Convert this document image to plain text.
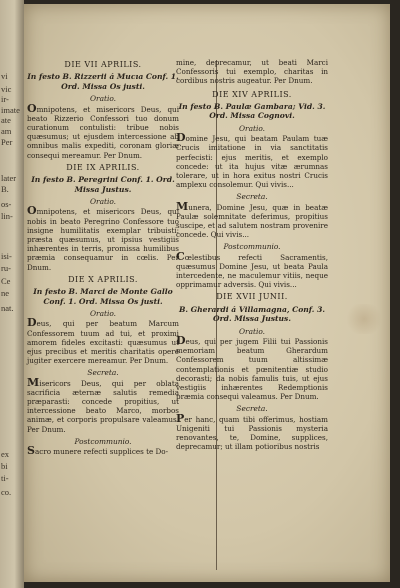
vi
vic
ir-
imate
ate
am
Per
later
B.
os-
lin-
isi-
ru-
Ce
ne
nat.
ex
bi
ti-
co.
DIE VII APRILIS.
In festo B. Rizzerii á Mucıa Conf. 1. Ord. Missa Os justi.
Oratio.
Omnipotens, et misericors Deus, qui beato Rizzerio Confessori tuo donum curationum contulisti: tribue nobis quæsumus; ut ejusdem intercessione ab omnibus malis expediti, coronam gloriæ consequi mereamur. Per Dnum.
DIE IX APRILIS.
In festo B. Peregrini Conf. 1. Ord. Missa Justus.
Oratio.
Omnipotens, et misericors Deus, qui nobis in beato Peregrino Confessore tuo insigne humilitatis exemplar tribuisti: præsta quæsumus, ut ipsius vestigiis inhærentes in terris, promissa humilibus præmia consequamur in cœlis. Per Dnum.
DIE X APRILIS.
In festo B. Marci de Monte Gallo Conf. 1. Ord. Missa Os justi.
Oratio.
Deus, qui per beatum Marcum Confessorem tuum ad tui, et proximi amorem fideles excitasti: quæsumus ut ejus precibus et meritis charitatis opere jugiter exercere mereamur. Per Dnum.
Secreta.
Misericors Deus, qui per oblata sacrificia æternæ salutis remedia præparasti: concede propitius, ut intercessione beato Marco, morbos animæ, et corporis propulsare valeamus. Per Dnum.
Postcommunio.
Sacro munere refecti supplices te Do-
mine, deprecamur, ut beati Marci Confessoris tui exemplo, charitas in cordibus nostris augeatur. Per Dnum.
DIE XIV APRILIS.
In festo B. Paulæ Gambara; Vid. 3. Ord. Missa Cognovi.
Oratio.
Domine Jesu, qui beatam Paulam tuæ Crucis imitatione in via sanctitatis perfecisti: ejus meritis, et exemplo concede: ut ita hujus vitæ ærumnas tolerare, ut in hora exitus nostri Crucis amplexu consolemur. Qui vivis...
Secreta.
Munera, Domine Jesu, quæ in beatæ Paulæ solemnitate deferimus, propitius suscipe, et ad salutem nostram provenire concede. Qui vivis...
Postcommunio.
Cœlestibus refecti Sacramentis, quæsumus Domine Jesu, ut beata Paula intercedente, ne maculemur vitiis, neque opprimamur adversis. Qui vivis...
DIE XVII JUNII.
B. Gherardi á Villamagna, Conf. 3. Ord. Missa Justus.
Oratio.
Deus, qui per jugem Filii tui Passionis memoriam beatum Gherardum Confessorem tuum altissimæ contemplationis et pœnitentiæ studio decorasti; da nobis famulis tuis, ut ejus vestigiis inhærentes Redemptionis præmia consequi valeamus. Per Dnum.
Secreta.
Per hanc, quam tibi offerimus, hostiam Unigeniti tui Passionis mysteria renovantes, te, Domine, supplices, deprecamur; ut illam potioribus nostris
